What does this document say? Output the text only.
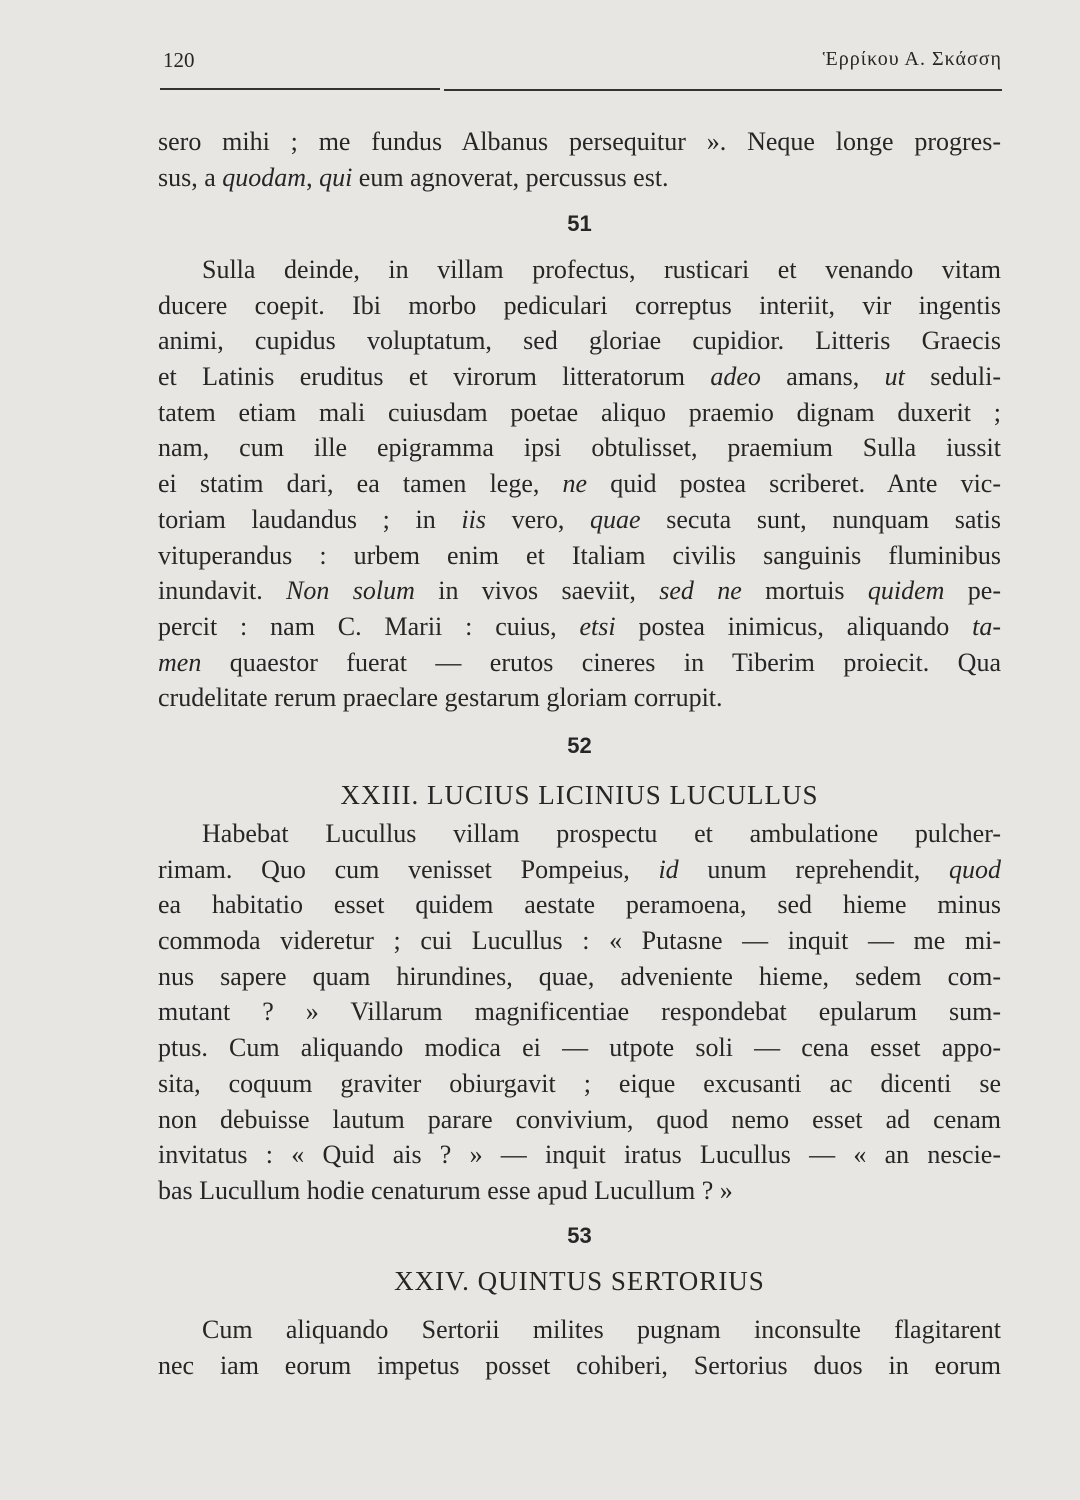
120	Ἑρρίκου Α. Σκάσση
sero mihi ; me fundus Albanus persequitur ». Neque longe progres-
sus, a quodam, qui eum agnoverat, percussus est.
51
Sulla deinde, in villam profectus, rusticari et venando vitam
ducere coepit. Ibi morbo pediculari correptus interiit, vir ingentis
animi, cupidus voluptatum, sed gloriae cupidior. Litteris Graecis
et Latinis eruditus et virorum litteratorum adeo amans, ut seduli-
tatem etiam mali cuiusdam poetae aliquo praemio dignam duxerit ;
nam, cum ille epigramma ipsi obtulisset, praemium Sulla iussit
ei statim dari, ea tamen lege, ne quid postea scriberet. Ante vic-
toriam laudandus ; in iis vero, quae secuta sunt, nunquam satis
vituperandus : urbem enim et Italiam civilis sanguinis fluminibus
inundavit. Non solum in vivos saeviit, sed ne mortuis quidem pe-
percit : nam C. Marii : cuius, etsi postea inimicus, aliquando ta-
men quaestor fuerat — erutos cineres in Tiberim proiecit. Qua
crudelitate rerum praeclare gestarum gloriam corrupit.
52
XXIII. LUCIUS LICINIUS LUCULLUS
Habebat Lucullus villam prospectu et ambulatione pulcher-
rimam. Quo cum venisset Pompeius, id unum reprehendit, quod
ea habitatio esset quidem aestate peramoena, sed hieme minus
commoda videretur ; cui Lucullus : « Putasne — inquit — me mi-
nus sapere quam hirundines, quae, adveniente hieme, sedem com-
mutant ? » Villarum magnificentiae respondebat epularum sum-
ptus. Cum aliquando modica ei — utpote soli — cena esset appo-
sita, coquum graviter obiurgavit ; eique excusanti ac dicenti se
non debuisse lautum parare convivium, quod nemo esset ad cenam
invitatus : « Quid ais ? » — inquit iratus Lucullus — « an nescie-
bas Lucullum hodie cenaturum esse apud Lucullum ? »
53
XXIV. QUINTUS SERTORIUS
Cum aliquando Sertorii milites pugnam inconsulte flagitarent
nec iam eorum impetus posset cohiberi, Sertorius duos in eorum
